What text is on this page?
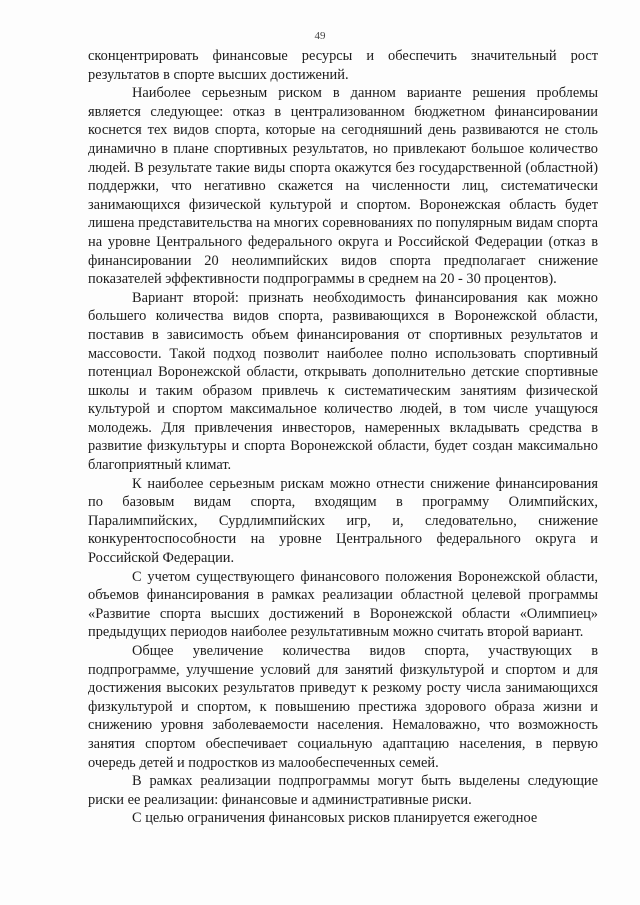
49

сконцентрировать финансовые ресурсы и обеспечить значительный рост результатов в спорте высших достижений.

Наиболее серьезным риском в данном варианте решения проблемы является следующее: отказ в централизованном бюджетном финансировании коснется тех видов спорта, которые на сегодняшний день развиваются не столь динамично в плане спортивных результатов, но привлекают большое количество людей. В результате такие виды спорта окажутся без государственной (областной) поддержки, что негативно скажется на численности лиц, систематически занимающихся физической культурой и спортом. Воронежская область будет лишена представительства на многих соревнованиях по популярным видам спорта на уровне Центрального федерального округа и Российской Федерации (отказ в финансировании 20 неолимпийских видов спорта предполагает снижение показателей эффективности подпрограммы в среднем на 20 - 30 процентов).

Вариант второй: признать необходимость финансирования как можно большего количества видов спорта, развивающихся в Воронежской области, поставив в зависимость объем финансирования от спортивных результатов и массовости. Такой подход позволит наиболее полно использовать спортивный потенциал Воронежской области, открывать дополнительно детские спортивные школы и таким образом привлечь к систематическим занятиям физической культурой и спортом максимальное количество людей, в том числе учащуюся молодежь. Для привлечения инвесторов, намеренных вкладывать средства в развитие физкультуры и спорта Воронежской области, будет создан максимально благоприятный климат.

К наиболее серьезным рискам можно отнести снижение финансирования по базовым видам спорта, входящим в программу Олимпийских, Паралимпийских, Сурдлимпийских игр, и, следовательно, снижение конкурентоспособности на уровне Центрального федерального округа и Российской Федерации.

С учетом существующего финансового положения Воронежской области, объемов финансирования в рамках реализации областной целевой программы «Развитие спорта высших достижений в Воронежской области «Олимпиец» предыдущих периодов наиболее результативным можно считать второй вариант.

Общее увеличение количества видов спорта, участвующих в подпрограмме, улучшение условий для занятий физкультурой и спортом и для достижения высоких результатов приведут к резкому росту числа занимающихся физкультурой и спортом, к повышению престижа здорового образа жизни и снижению уровня заболеваемости населения. Немаловажно, что возможность занятия спортом обеспечивает социальную адаптацию населения, в первую очередь детей и подростков из малообеспеченных семей.

В рамках реализации подпрограммы могут быть выделены следующие риски ее реализации: финансовые и административные риски.

С целью ограничения финансовых рисков планируется ежегодное
